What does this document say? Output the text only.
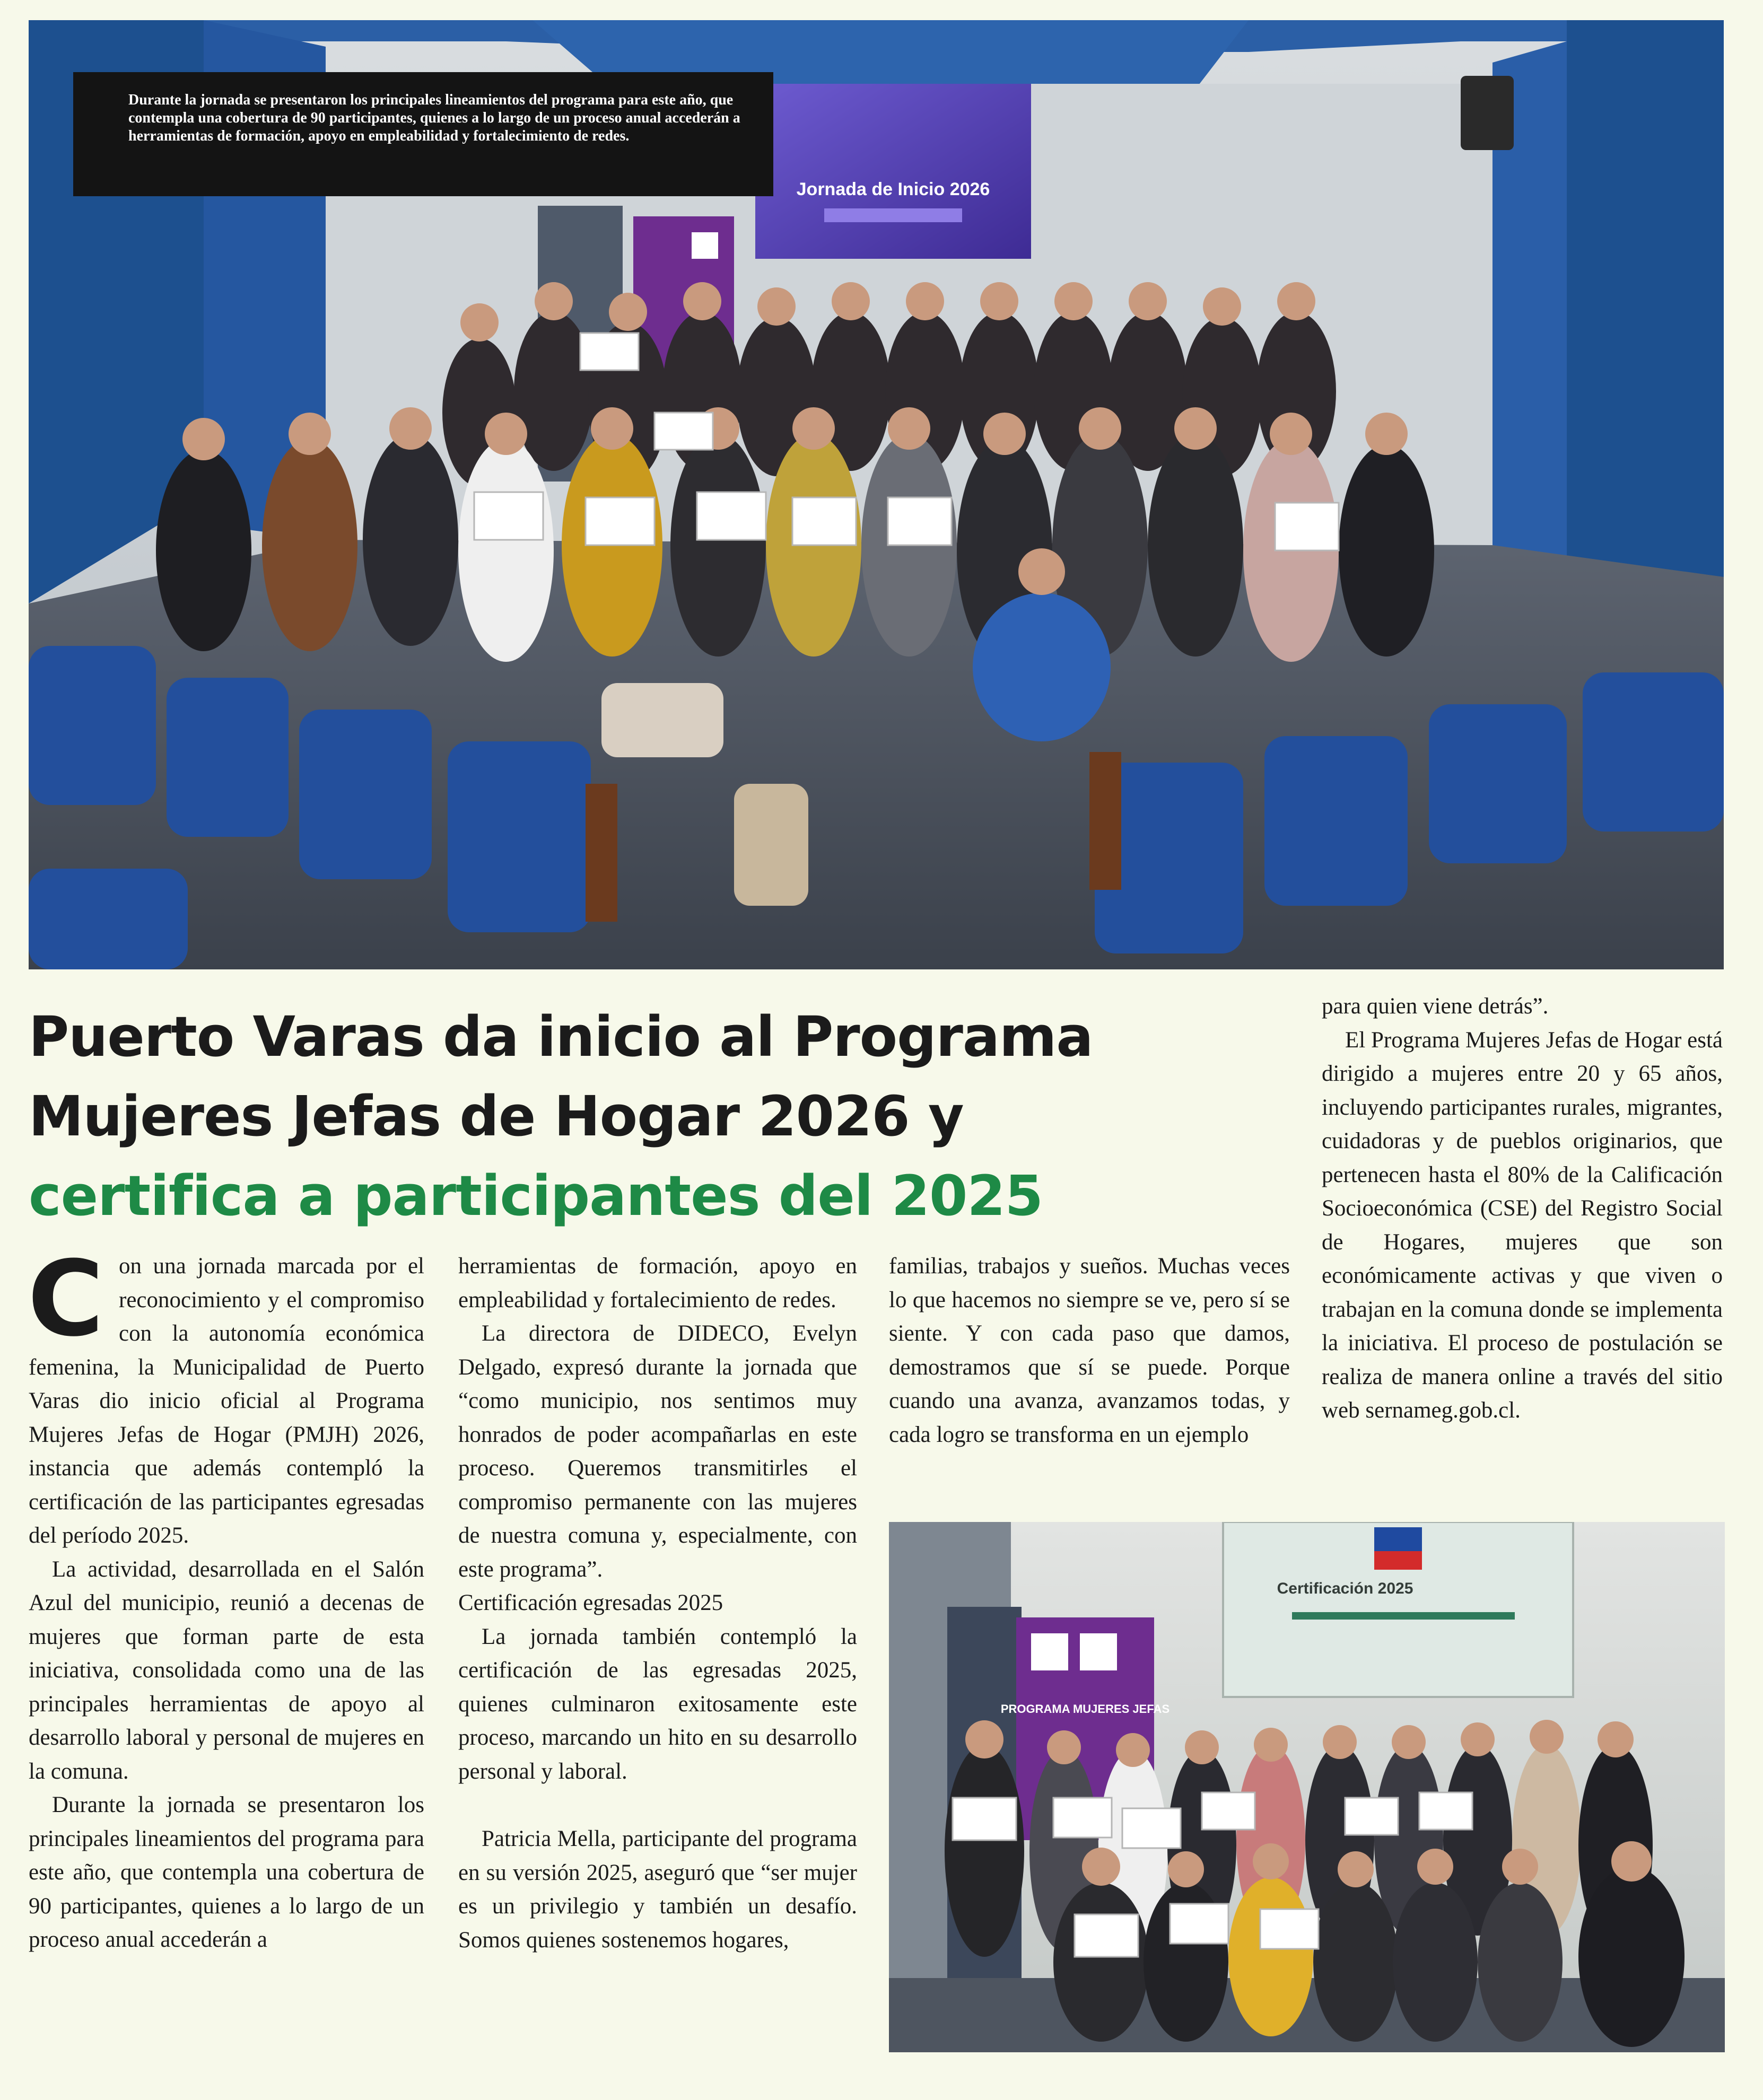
Jornada de Inicio 2026

Durante la jornada se presentaron los principales lineamientos del programa para este año, que contempla una cobertura de 90 participantes, quienes a lo largo de un proceso anual accederán a herramientas de formación, apoyo en empleabilidad y fortalecimiento de redes.

Puerto Varas da inicio al Programa
Mujeres Jefas de Hogar 2026 y
certifica a participantes del 2025
C on una jornada marcada por el reconocimiento y el compromiso con la autonomía económica femenina, la Municipalidad de Puerto Varas dio inicio oficial al Programa Mujeres Jefas de Hogar (PMJH) 2026, instancia que además contempló la certificación de las participantes egresadas del período 2025.

La actividad, desarrollada en el Salón Azul del municipio, reunió a decenas de mujeres que forman parte de esta iniciativa, consolidada como una de las principales herramientas de apoyo al desarrollo laboral y personal de mujeres en la comuna.

Durante la jornada se presentaron los principales lineamientos del programa para este año, que contempla una cobertura de 90 participantes, quienes a lo largo de un proceso anual accederán a

herramientas de formación, apoyo en empleabilidad y fortalecimiento de redes.

La directora de DIDECO, Evelyn Delgado, expresó durante la jornada que “como municipio, nos sentimos muy honrados de poder acompañarlas en este proceso. Queremos transmitirles el compromiso permanente con las mujeres de nuestra comuna y, especialmente, con este programa”.

Certificación egresadas 2025

La jornada también contempló la certificación de las egresadas 2025, quienes culminaron exitosamente este proceso, marcando un hito en su desarrollo personal y laboral.

Patricia Mella, participante del programa en su versión 2025, aseguró que “ser mujer es un privilegio y también un desafío. Somos quienes sostenemos hogares,

familias, trabajos y sueños. Muchas veces lo que hacemos no siempre se ve, pero sí se siente. Y con cada paso que damos, demostramos que sí se puede. Porque cuando una avanza, avanzamos todas, y cada logro se transforma en un ejemplo

para quien viene detrás”.

El Programa Mujeres Jefas de Hogar está dirigido a mujeres entre 20 y 65 años, incluyendo participantes rurales, migrantes, cuidadoras y de pueblos originarios, que pertenecen hasta el 80% de la Calificación Socioeconómica (CSE) del Registro Social de Hogares, mujeres que son económicamente activas y que viven o trabajan en la comuna donde se implementa la iniciativa. El proceso de postulación se realiza de manera online a través del sitio web sernameg.gob.cl.

Certificación 2025
PROGRAMA MUJERES JEFAS
